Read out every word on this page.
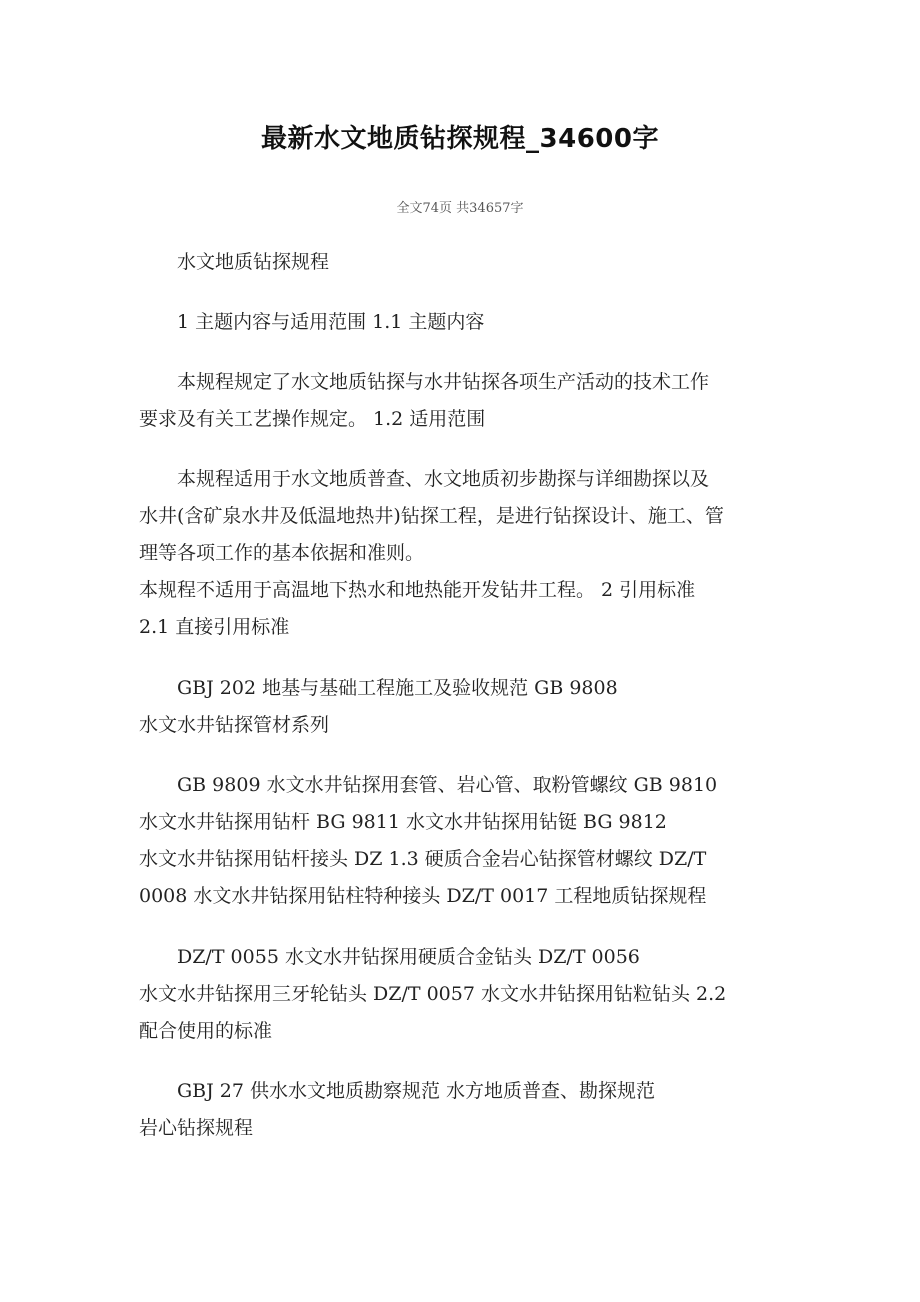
最新水文地质钻探规程_34600字
全文74页 共34657字

水文地质钻探规程

1 主题内容与适用范围 1.1 主题内容

本规程规定了水文地质钻探与水井钻探各项生产活动的技术工作
要求及有关工艺操作规定。 1.2 适用范围

本规程适用于水文地质普查、水文地质初步勘探与详细勘探以及
水井(含矿泉水井及低温地热井)钻探工程，是进行钻探设计、施工、管
理等各项工作的基本依据和准则。

本规程不适用于高温地下热水和地热能开发钻井工程。 2 引用标准
2.1 直接引用标准

GBJ 202 地基与基础工程施工及验收规范 GB 9808
水文水井钻探管材系列

GB 9809 水文水井钻探用套管、岩心管、取粉管螺纹 GB 9810
水文水井钻探用钻杆 BG 9811 水文水井钻探用钻铤 BG 9812
水文水井钻探用钻杆接头 DZ 1.3 硬质合金岩心钻探管材螺纹 DZ/T
0008 水文水井钻探用钻柱特种接头 DZ/T 0017 工程地质钻探规程

DZ/T 0055 水文水井钻探用硬质合金钻头 DZ/T 0056
水文水井钻探用三牙轮钻头 DZ/T 0057 水文水井钻探用钻粒钻头 2.2
配合使用的标准

GBJ 27 供水水文地质勘察规范 水方地质普查、勘探规范
岩心钻探规程
